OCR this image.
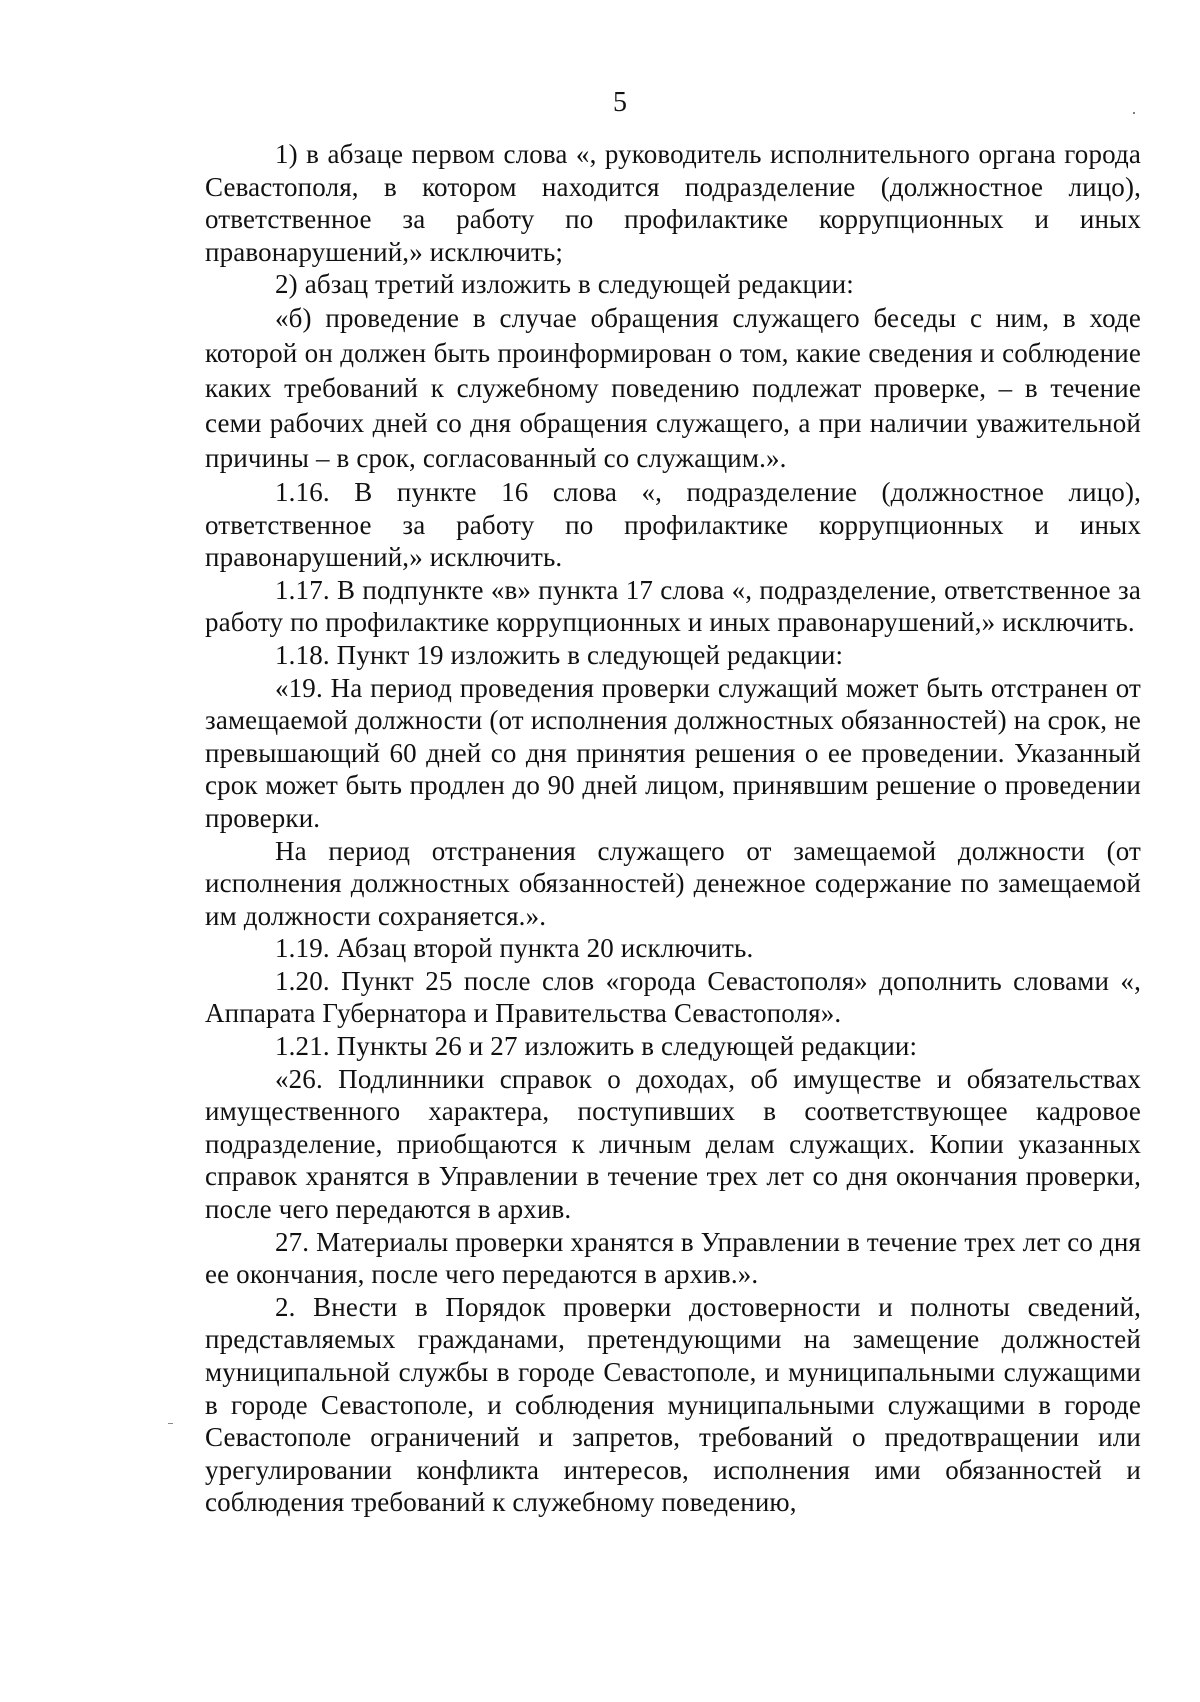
5

1) в абзаце первом слова «, руководитель исполнительного органа города Севастополя, в котором находится подразделение (должностное лицо), ответственное за работу по профилактике коррупционных и иных правонарушений,» исключить;

2) абзац третий изложить в следующей редакции:

«б) проведение в случае обращения служащего беседы с ним, в ходе которой он должен быть проинформирован о том, какие сведения и соблюдение каких требований к служебному поведению подлежат проверке, – в течение семи рабочих дней со дня обращения служащего, а при наличии уважительной причины – в срок, согласованный со служащим.».

1.16. В пункте 16 слова «, подразделение (должностное лицо), ответственное за работу по профилактике коррупционных и иных правонарушений,» исключить.

1.17. В подпункте «в» пункта 17 слова «, подразделение, ответственное за работу по профилактике коррупционных и иных правонарушений,» исключить.

1.18. Пункт 19 изложить в следующей редакции:

«19. На период проведения проверки служащий может быть отстранен от замещаемой должности (от исполнения должностных обязанностей) на срок, не превышающий 60 дней со дня принятия решения о ее проведении. Указанный срок может быть продлен до 90 дней лицом, принявшим решение о проведении проверки.

На период отстранения служащего от замещаемой должности (от исполнения должностных обязанностей) денежное содержание по замещаемой им должности сохраняется.».

1.19. Абзац второй пункта 20 исключить.

1.20. Пункт 25 после слов «города Севастополя» дополнить словами «, Аппарата Губернатора и Правительства Севастополя».

1.21. Пункты 26 и 27 изложить в следующей редакции:

«26. Подлинники справок о доходах, об имуществе и обязательствах имущественного характера, поступивших в соответствующее кадровое подразделение, приобщаются к личным делам служащих. Копии указанных справок хранятся в Управлении в течение трех лет со дня окончания проверки, после чего передаются в архив.

27. Материалы проверки хранятся в Управлении в течение трех лет со дня ее окончания, после чего передаются в архив.».

2. Внести в Порядок проверки достоверности и полноты сведений, представляемых гражданами, претендующими на замещение должностей муниципальной службы в городе Севастополе, и муниципальными служащими в городе Севастополе, и соблюдения муниципальными служащими в городе Севастополе ограничений и запретов, требований о предотвращении или урегулировании конфликта интересов, исполнения ими обязанностей и соблюдения требований к служебному поведению,
